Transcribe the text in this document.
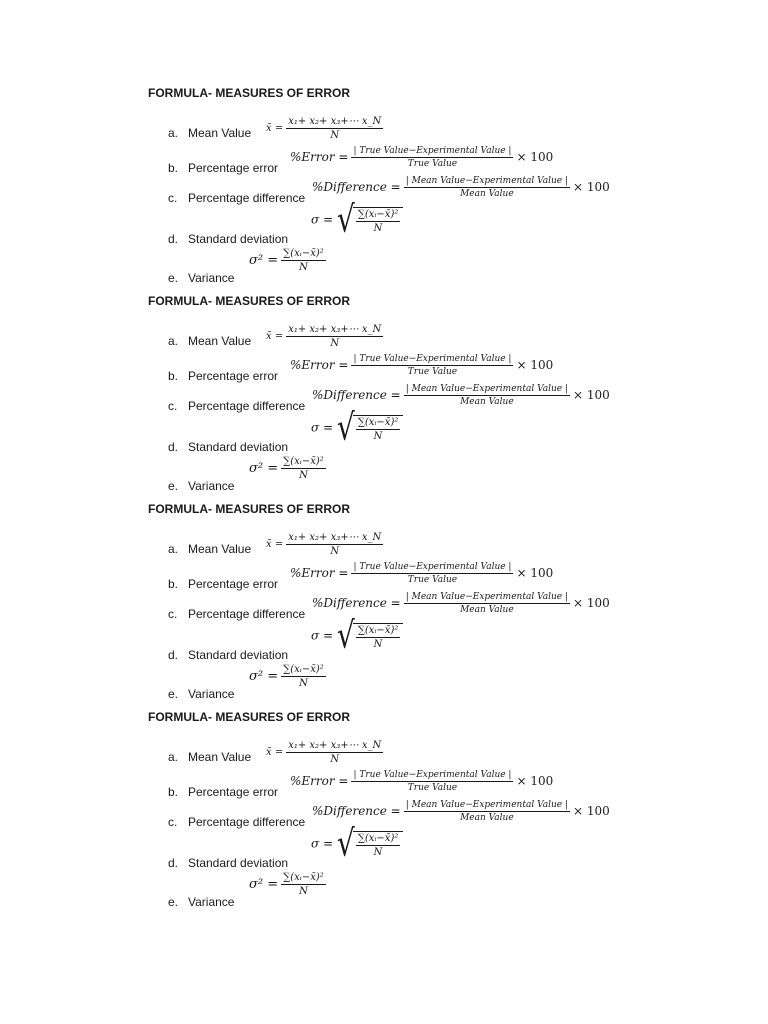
FORMULA- MEASURES OF ERROR
a. Mean Value x̄ = $\frac{\text{x₁+ x₂+ x₃+⋯ x\_N}}{N}$
b. Percentage error
%Error = $\frac{\text{| True Value−Experimental Value |}}{\text{True Value}} \times 100$
c. Percentage difference
%Difference = $\frac{\text{| Mean Value−Experimental Value |}}{\text{Mean Value}} \times 100$
σ = √ $\frac{\text{∑(xᵢ−x̄)²}}{N}$
d. Standard deviation
$\sigma^2 = \frac{\text{∑(xᵢ−x̄)²}}{N}$
e. Variance
FORMULA- MEASURES OF ERROR
a. Mean Value x̄ = $\frac{\text{x₁+ x₂+ x₃+⋯ x\_N}}{N}$
b. Percentage error
%Error = $\frac{\text{| True Value−Experimental Value |}}{\text{True Value}} \times 100$
c. Percentage difference
%Difference = $\frac{\text{| Mean Value−Experimental Value |}}{\text{Mean Value}} \times 100$
σ = √ $\frac{\text{∑(xᵢ−x̄)²}}{N}$
d. Standard deviation
$\sigma^2 = \frac{\text{∑(xᵢ−x̄)²}}{N}$
e. Variance
FORMULA- MEASURES OF ERROR
a. Mean Value x̄ = $\frac{\text{x₁+ x₂+ x₃+⋯ x\_N}}{N}$
b. Percentage error
%Error = $\frac{\text{| True Value−Experimental Value |}}{\text{True Value}} \times 100$
c. Percentage difference
%Difference = $\frac{\text{| Mean Value−Experimental Value |}}{\text{Mean Value}} \times 100$
σ = √ $\frac{\text{∑(xᵢ−x̄)²}}{N}$
d. Standard deviation
$\sigma^2 = \frac{\text{∑(xᵢ−x̄)²}}{N}$
e. Variance
FORMULA- MEASURES OF ERROR
a. Mean Value x̄ = $\frac{\text{x₁+ x₂+ x₃+⋯ x\_N}}{N}$
b. Percentage error
%Error = $\frac{\text{| True Value−Experimental Value |}}{\text{True Value}} \times 100$
c. Percentage difference
%Difference = $\frac{\text{| Mean Value−Experimental Value |}}{\text{Mean Value}} \times 100$
σ = √ $\frac{\text{∑(xᵢ−x̄)²}}{N}$
d. Standard deviation
$\sigma^2 = \frac{\text{∑(xᵢ−x̄)²}}{N}$
e. Variance
